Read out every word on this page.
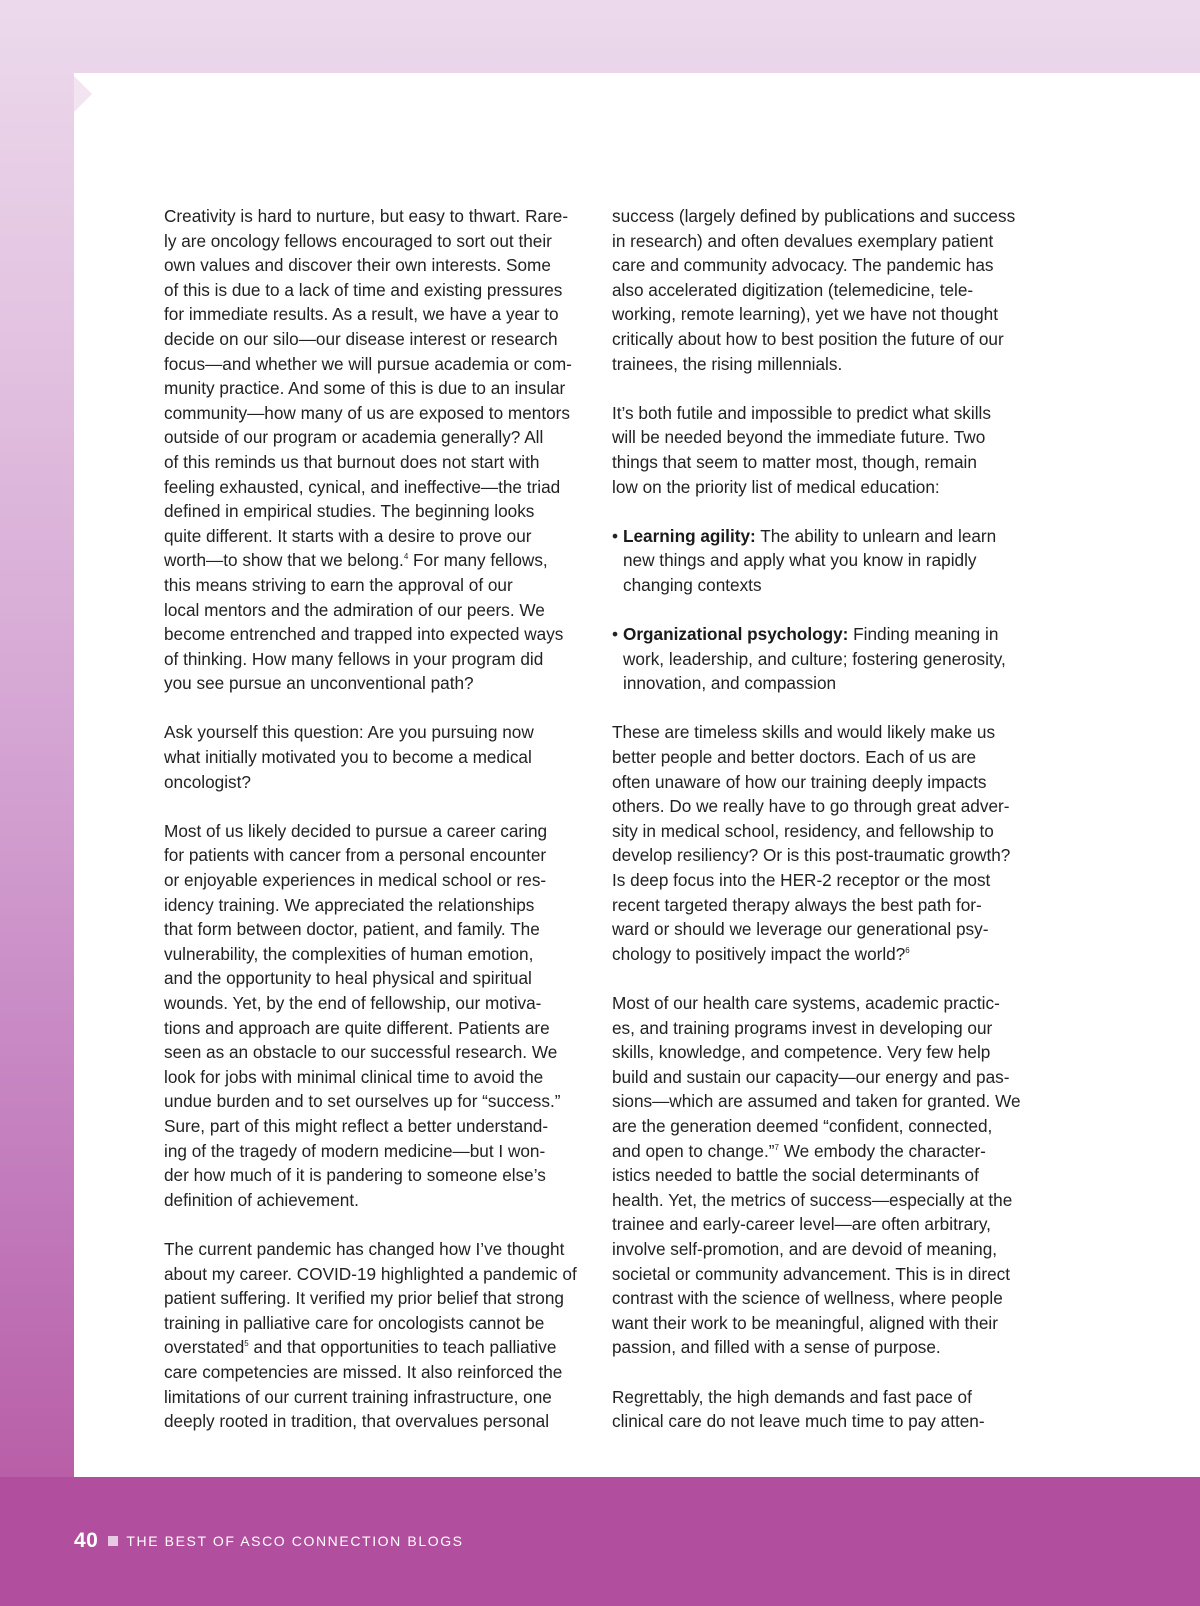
Creativity is hard to nurture, but easy to thwart. Rare-
ly are oncology fellows encouraged to sort out their
own values and discover their own interests. Some
of this is due to a lack of time and existing pressures
for immediate results. As a result, we have a year to
decide on our silo—our disease interest or research
focus—and whether we will pursue academia or com-
munity practice. And some of this is due to an insular
community—how many of us are exposed to mentors
outside of our program or academia generally? All
of this reminds us that burnout does not start with
feeling exhausted, cynical, and ineffective—the triad
defined in empirical studies. The beginning looks
quite different. It starts with a desire to prove our
worth—to show that we belong.$^4$ For many fellows,
this means striving to earn the approval of our
local mentors and the admiration of our peers. We
become entrenched and trapped into expected ways
of thinking. How many fellows in your program did
you see pursue an unconventional path?
Ask yourself this question: Are you pursuing now
what initially motivated you to become a medical
oncologist?
Most of us likely decided to pursue a career caring
for patients with cancer from a personal encounter
or enjoyable experiences in medical school or res-
idency training. We appreciated the relationships
that form between doctor, patient, and family. The
vulnerability, the complexities of human emotion,
and the opportunity to heal physical and spiritual
wounds. Yet, by the end of fellowship, our motiva-
tions and approach are quite different. Patients are
seen as an obstacle to our successful research. We
look for jobs with minimal clinical time to avoid the
undue burden and to set ourselves up for “success.”
Sure, part of this might reflect a better understand-
ing of the tragedy of modern medicine—but I won-
der how much of it is pandering to someone else’s
definition of achievement.
The current pandemic has changed how I’ve thought
about my career. COVID-19 highlighted a pandemic of
patient suffering. It verified my prior belief that strong
training in palliative care for oncologists cannot be
overstated$^5$ and that opportunities to teach palliative
care competencies are missed. It also reinforced the
limitations of our current training infrastructure, one
deeply rooted in tradition, that overvalues personal
success (largely defined by publications and success
in research) and often devalues exemplary patient
care and community advocacy. The pandemic has
also accelerated digitization (telemedicine, tele-
working, remote learning), yet we have not thought
critically about how to best position the future of our
trainees, the rising millennials.
It’s both futile and impossible to predict what skills
will be needed beyond the immediate future. Two
things that seem to matter most, though, remain
low on the priority list of medical education:
• Learning agility: The ability to unlearn and learn
new things and apply what you know in rapidly
changing contexts
• Organizational psychology: Finding meaning in
work, leadership, and culture; fostering generosity,
innovation, and compassion
These are timeless skills and would likely make us
better people and better doctors. Each of us are
often unaware of how our training deeply impacts
others. Do we really have to go through great adver-
sity in medical school, residency, and fellowship to
develop resiliency? Or is this post-traumatic growth?
Is deep focus into the HER-2 receptor or the most
recent targeted therapy always the best path for-
ward or should we leverage our generational psy-
chology to positively impact the world?$^6$
Most of our health care systems, academic practic-
es, and training programs invest in developing our
skills, knowledge, and competence. Very few help
build and sustain our capacity—our energy and pas-
sions—which are assumed and taken for granted. We
are the generation deemed “confident, connected,
and open to change.”$^7$ We embody the character-
istics needed to battle the social determinants of
health. Yet, the metrics of success—especially at the
trainee and early-career level—are often arbitrary,
involve self-promotion, and are devoid of meaning,
societal or community advancement. This is in direct
contrast with the science of wellness, where people
want their work to be meaningful, aligned with their
passion, and filled with a sense of purpose.
Regrettably, the high demands and fast pace of
clinical care do not leave much time to pay atten-
40 THE BEST OF ASCO CONNECTION BLOGS
